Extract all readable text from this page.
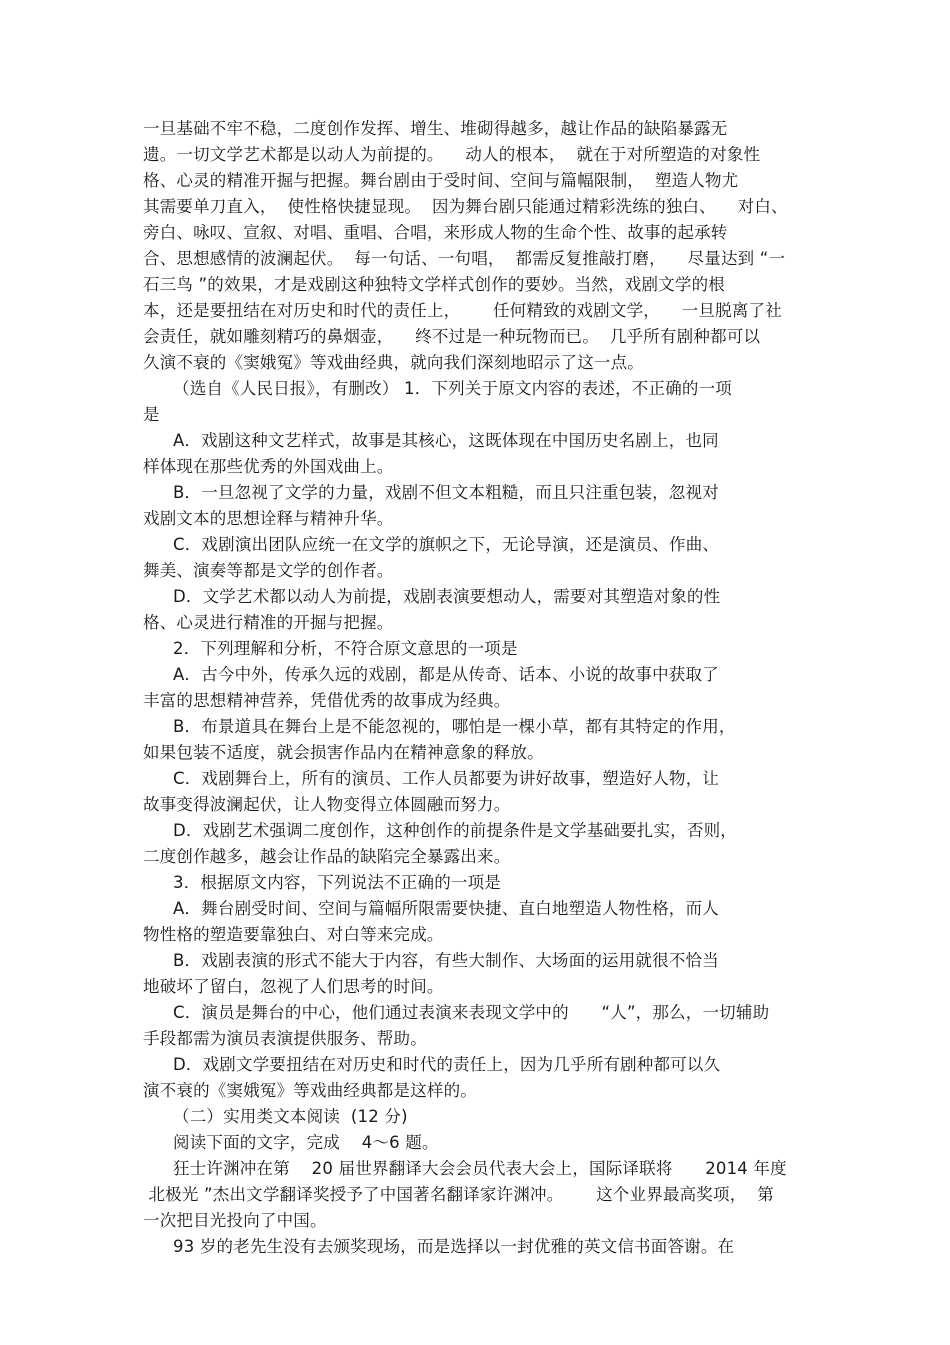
一旦基础不牢不稳，二度创作发挥、增生、堆砌得越多，越让作品的缺陷暴露无
遗。一切文学艺术都是以动人为前提的。    动人的根本，  就在于对所塑造的对象性
格、心灵的精准开掘与把握。舞台剧由于受时间、空间与篇幅限制，  塑造人物尤
其需要单刀直入，  使性格快捷显现。  因为舞台剧只能通过精彩洗练的独白、    对白、
旁白、咏叹、宣叙、对唱、重唱、合唱，来形成人物的生命个性、故事的起承转
合、思想感情的波澜起伏。  每一句话、一句唱，  都需反复推敲打磨，    尽量达到 “一
石三鸟 ”的效果，才是戏剧这种独特文学样式创作的要妙。当然，戏剧文学的根
本，还是要扭结在对历史和时代的责任上，      任何精致的戏剧文学，    一旦脱离了社
会责任，就如雕刻精巧的鼻烟壶，    终不过是一种玩物而已。  几乎所有剧种都可以
久演不衰的《窦娥冤》等戏曲经典，就向我们深刻地昭示了这一点。
（选自《人民日报》，有删改） 1．下列关于原文内容的表述，不正确的一项
是
A．戏剧这种文艺样式，故事是其核心，这既体现在中国历史名剧上，也同
样体现在那些优秀的外国戏曲上。
B．一旦忽视了文学的力量，戏剧不但文本粗糙，而且只注重包装，忽视对
戏剧文本的思想诠释与精神升华。
C．戏剧演出团队应统一在文学的旗帜之下，无论导演，还是演员、作曲、
舞美、演奏等都是文学的创作者。
D．文学艺术都以动人为前提，戏剧表演要想动人，需要对其塑造对象的性
格、心灵进行精准的开掘与把握。
2．下列理解和分析，不符合原文意思的一项是
A．古今中外，传承久远的戏剧，都是从传奇、话本、小说的故事中获取了
丰富的思想精神营养，凭借优秀的故事成为经典。
B．布景道具在舞台上是不能忽视的，哪怕是一棵小草，都有其特定的作用，
如果包装不适度，就会损害作品内在精神意象的释放。
C．戏剧舞台上，所有的演员、工作人员都要为讲好故事，塑造好人物，让
故事变得波澜起伏，让人物变得立体圆融而努力。
D．戏剧艺术强调二度创作，这种创作的前提条件是文学基础要扎实，否则，
二度创作越多，越会让作品的缺陷完全暴露出来。
3．根据原文内容，下列说法不正确的一项是
A．舞台剧受时间、空间与篇幅所限需要快捷、直白地塑造人物性格，而人
物性格的塑造要靠独白、对白等来完成。
B．戏剧表演的形式不能大于内容，有些大制作、大场面的运用就很不恰当
地破坏了留白，忽视了人们思考的时间。
C．演员是舞台的中心，他们通过表演来表现文学中的      “人”，那么，一切辅助
手段都需为演员表演提供服务、帮助。
D．戏剧文学要扭结在对历史和时代的责任上，因为几乎所有剧种都可以久
演不衰的《窦娥冤》等戏曲经典都是这样的。
（二）实用类文本阅读  (12 分)
阅读下面的文字，完成    4～6 题。
狂士许渊冲在第    20 届世界翻译大会会员代表大会上，国际译联将      2014 年度
北极光 ”杰出文学翻译奖授予了中国著名翻译家许渊冲。      这个业界最高奖项，  第
一次把目光投向了中国。
93 岁的老先生没有去颁奖现场，而是选择以一封优雅的英文信书面答谢。在
